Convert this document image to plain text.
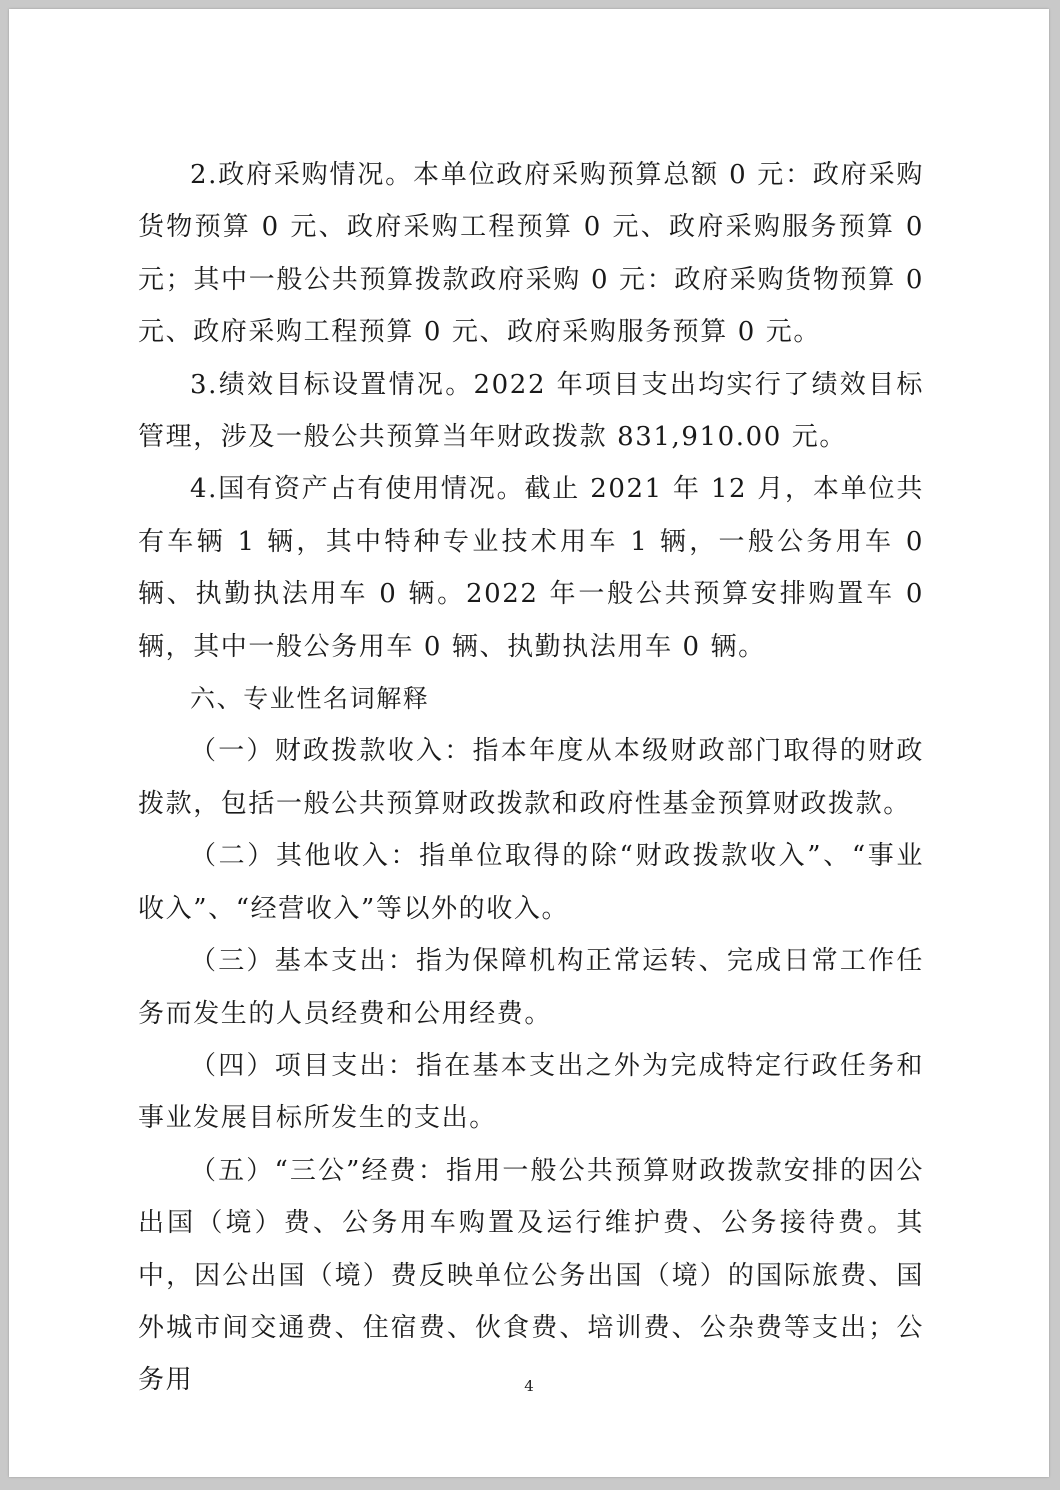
2.政府采购情况。本单位政府采购预算总额 0 元：政府采购货物预算 0 元、政府采购工程预算 0 元、政府采购服务预算 0 元；其中一般公共预算拨款政府采购 0 元：政府采购货物预算 0 元、政府采购工程预算 0 元、政府采购服务预算 0 元。

3.绩效目标设置情况。2022 年项目支出均实行了绩效目标管理，涉及一般公共预算当年财政拨款 831,910.00 元。

4.国有资产占有使用情况。截止 2021 年 12 月，本单位共有车辆 1 辆，其中特种专业技术用车 1 辆，一般公务用车 0 辆、执勤执法用车 0 辆。2022 年一般公共预算安排购置车 0 辆，其中一般公务用车 0 辆、执勤执法用车 0 辆。

六、专业性名词解释

（一）财政拨款收入：指本年度从本级财政部门取得的财政拨款，包括一般公共预算财政拨款和政府性基金预算财政拨款。

（二）其他收入：指单位取得的除“财政拨款收入”、“事业收入”、“经营收入”等以外的收入。

（三）基本支出：指为保障机构正常运转、完成日常工作任务而发生的人员经费和公用经费。

（四）项目支出：指在基本支出之外为完成特定行政任务和事业发展目标所发生的支出。

（五）“三公”经费：指用一般公共预算财政拨款安排的因公出国（境）费、公务用车购置及运行维护费、公务接待费。其中，因公出国（境）费反映单位公务出国（境）的国际旅费、国外城市间交通费、住宿费、伙食费、培训费、公杂费等支出；公务用	4
